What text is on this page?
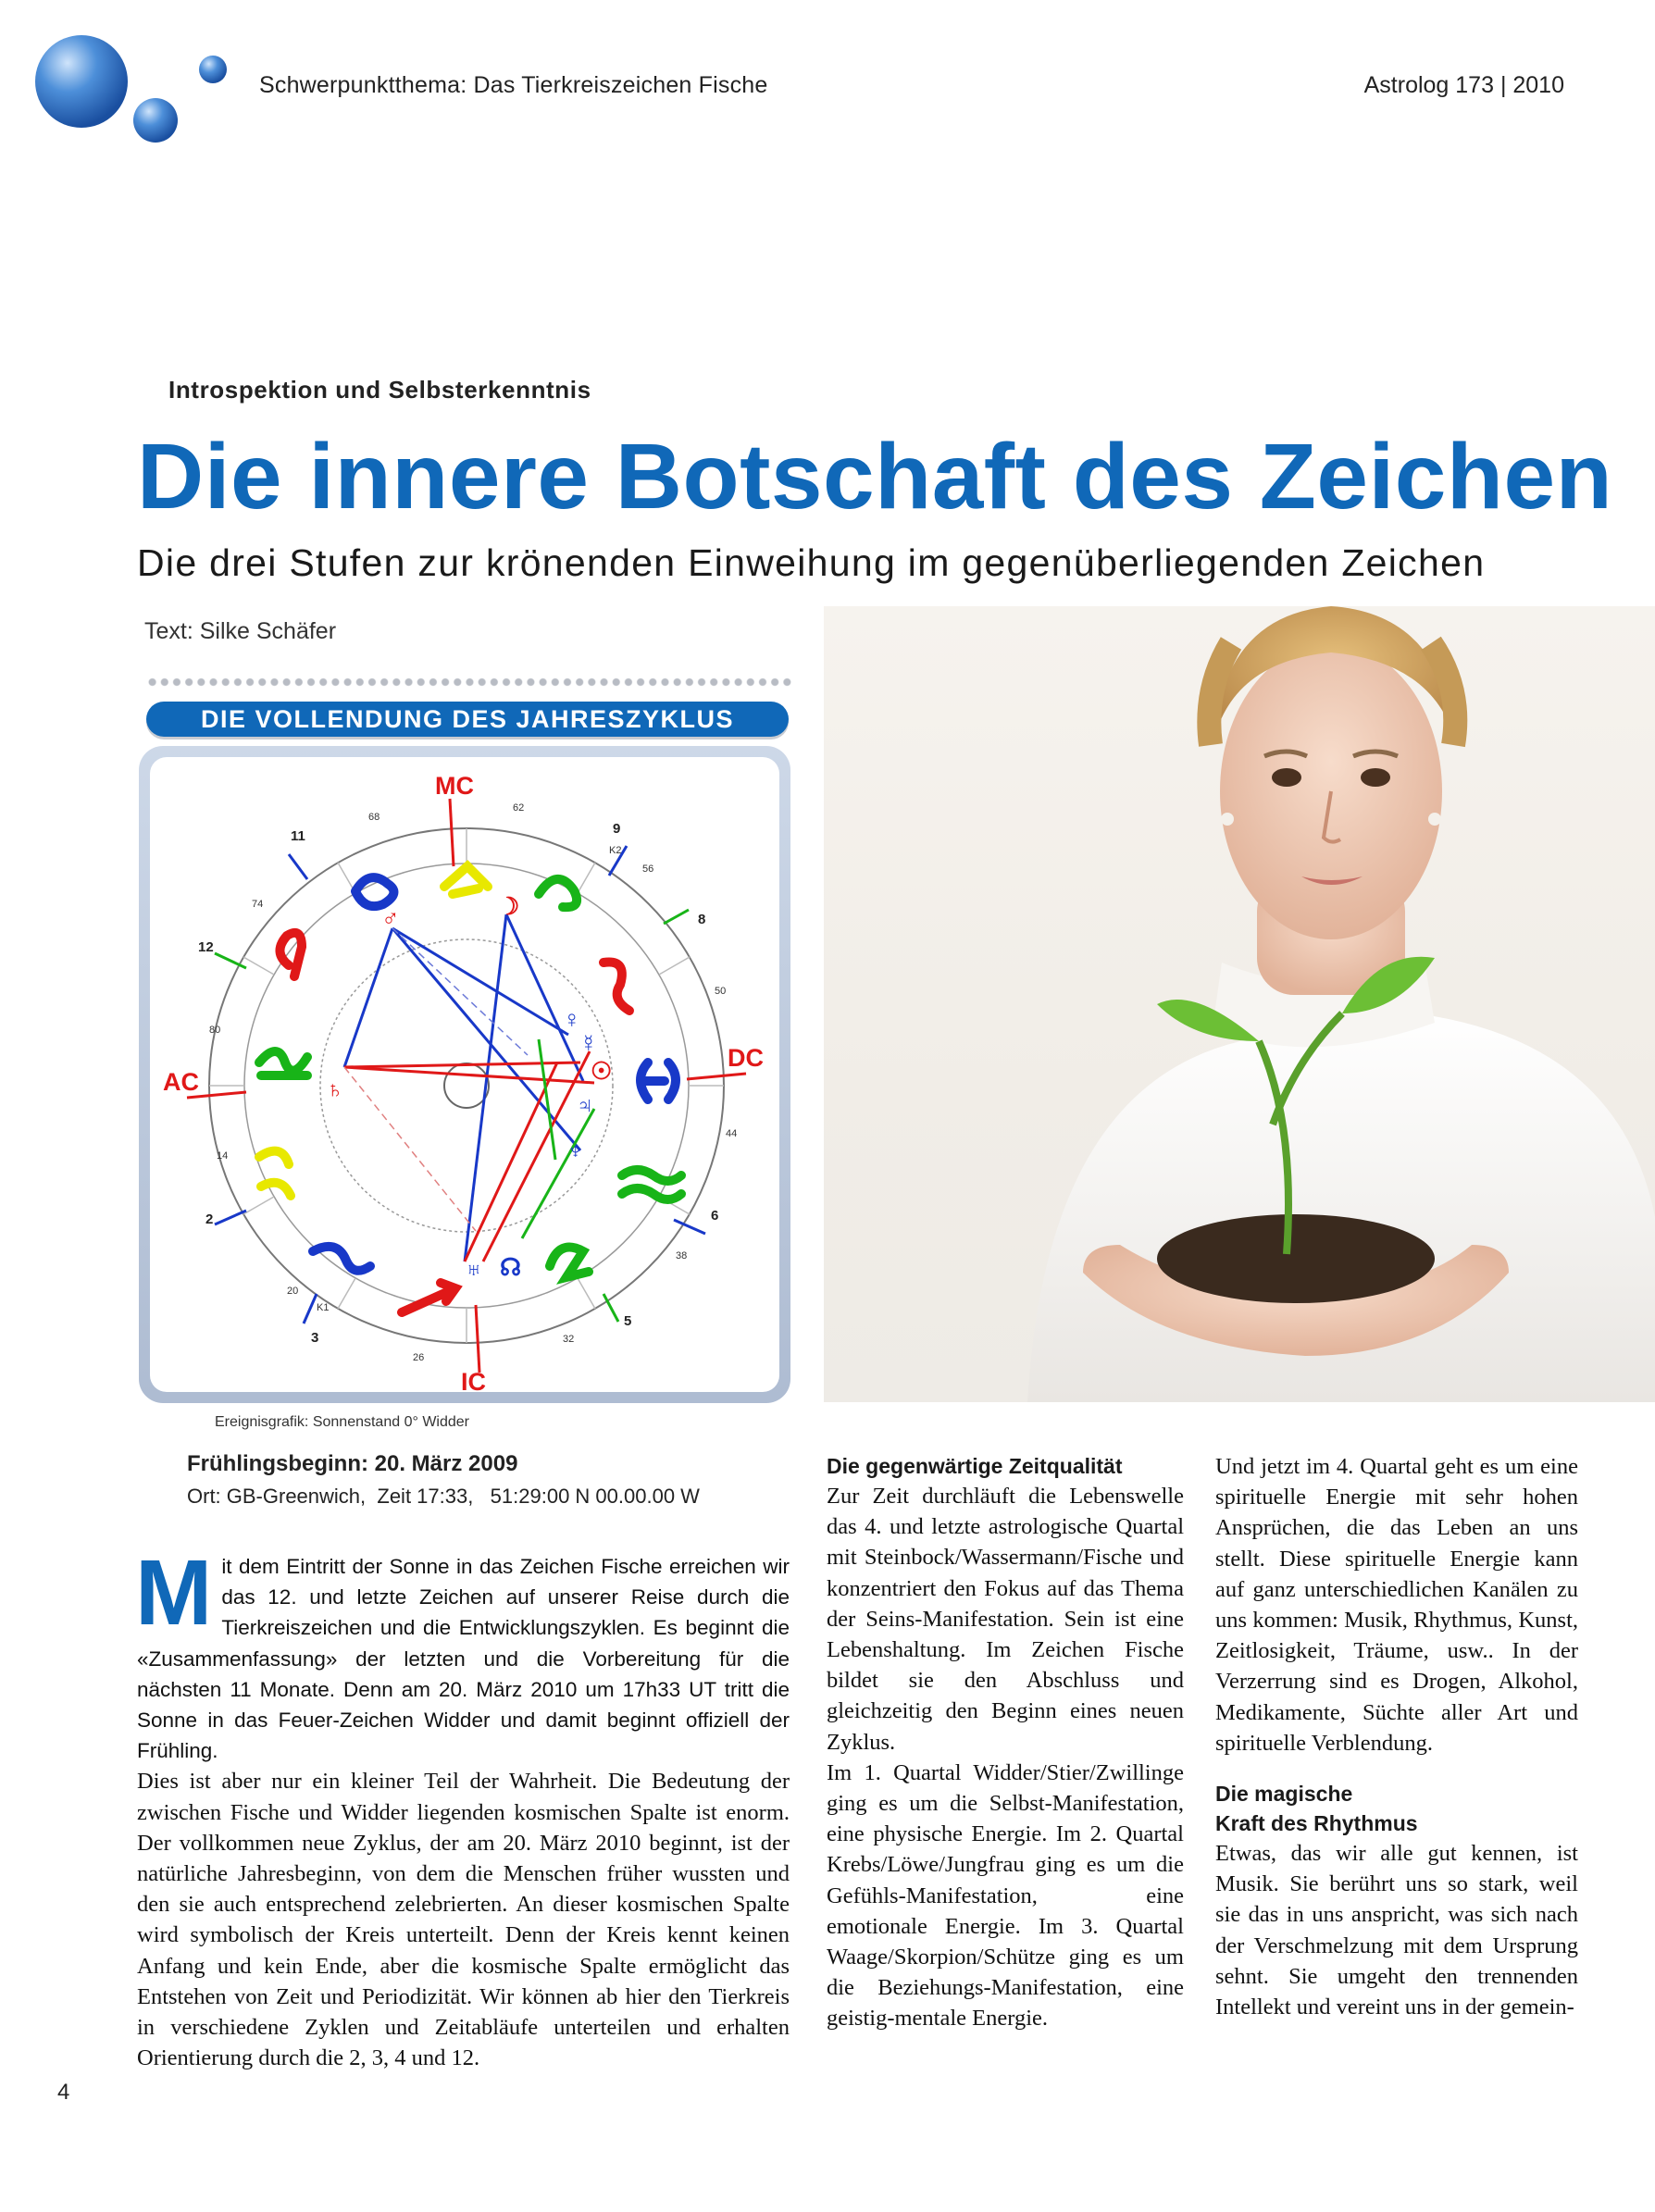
Schwerpunktthema: Das Tierkreiszeichen Fische	Astrolog 173 | 2010
Introspektion und Selbsterkenntnis
Die innere Botschaft des Zeichen
Die drei Stufen zur krönenden Einweihung im gegenüberliegenden Zeichen
Text: Silke Schäfer
DIE VOLLENDUNG DES JAHRESZYKLUS
☽
♂
♀
☿
☉
♃
♆
♄
♅ ☊
MC
IC
AC
DC
11	9
8
12
6
2
3
5
68
62
K2
56
50
74
80
44
14
38
20
K1
26
32
Ereignisgrafik: Sonnenstand 0° Widder
Frühlingsbeginn: 20. März 2009
Ort: GB-Greenwich,  Zeit 17:33,   51:29:00 N 00.00.00 W

Mit dem Eintritt der Sonne in das Zeichen Fische erreichen wir das 12. und letzte Zeichen auf unserer Reise durch die Tierkreiszeichen und die Entwicklungszyklen. Es beginnt die «Zusammenfassung» der letzten und die Vorbereitung für die nächsten 11 Monate. Denn am 20. März 2010 um 17h33 UT tritt die Sonne in das Feuer-Zeichen Widder und damit beginnt offiziell der Frühling.

Dies ist aber nur ein kleiner Teil der Wahrheit. Die Bedeutung der zwischen Fische und Widder liegenden kosmischen Spalte ist enorm. Der vollkommen neue Zyklus, der am 20. März 2010 beginnt, ist der natürliche Jahresbeginn, von dem die Menschen früher wussten und den sie auch entsprechend zelebrierten. An dieser kosmischen Spalte wird symbolisch der Kreis unterteilt. Denn der Kreis kennt keinen Anfang und kein Ende, aber die kosmische Spalte ermöglicht das Entstehen von Zeit und Periodizität. Wir können ab hier den Tierkreis in verschiedene Zyklen und Zeitabläufe unterteilen und erhalten Orientierung durch die 2, 3, 4 und 12.

Die gegenwärtige Zeitqualität

Zur Zeit durchläuft die Lebenswelle das 4. und letzte astrologische Quartal mit Steinbock/Wassermann/Fische und konzentriert den Fokus auf das Thema der Seins-Manifestation. Sein ist eine Lebenshaltung. Im Zeichen Fische bildet sie den Abschluss und gleichzeitig den Beginn eines neuen Zyklus.

Im 1. Quartal Widder/Stier/Zwillinge ging es um die Selbst-Manifestation, eine physische Energie. Im 2. Quartal Krebs/Löwe/Jungfrau ging es um die Gefühls-Manifestation, eine emotionale Energie. Im 3. Quartal Waage/Skorpion/Schütze ging es um die Beziehungs-Manifestation, eine geistig-mentale Energie.

Und jetzt im 4. Quartal geht es um eine spirituelle Energie mit sehr hohen Ansprüchen, die das Leben an uns stellt. Diese spirituelle Energie kann auf ganz unterschiedlichen Kanälen zu uns kommen: Musik, Rhythmus, Kunst, Zeitlosigkeit, Träume, usw.. In der Verzerrung sind es Drogen, Alkohol, Medikamente, Süchte aller Art und spirituelle Verblendung.

Die magische
Kraft des Rhythmus

Etwas, das wir alle gut kennen, ist Musik. Sie berührt uns so stark, weil sie das in uns anspricht, was sich nach der Verschmelzung mit dem Ursprung sehnt. Sie umgeht den trennenden Intellekt und vereint uns in der gemein-

4
